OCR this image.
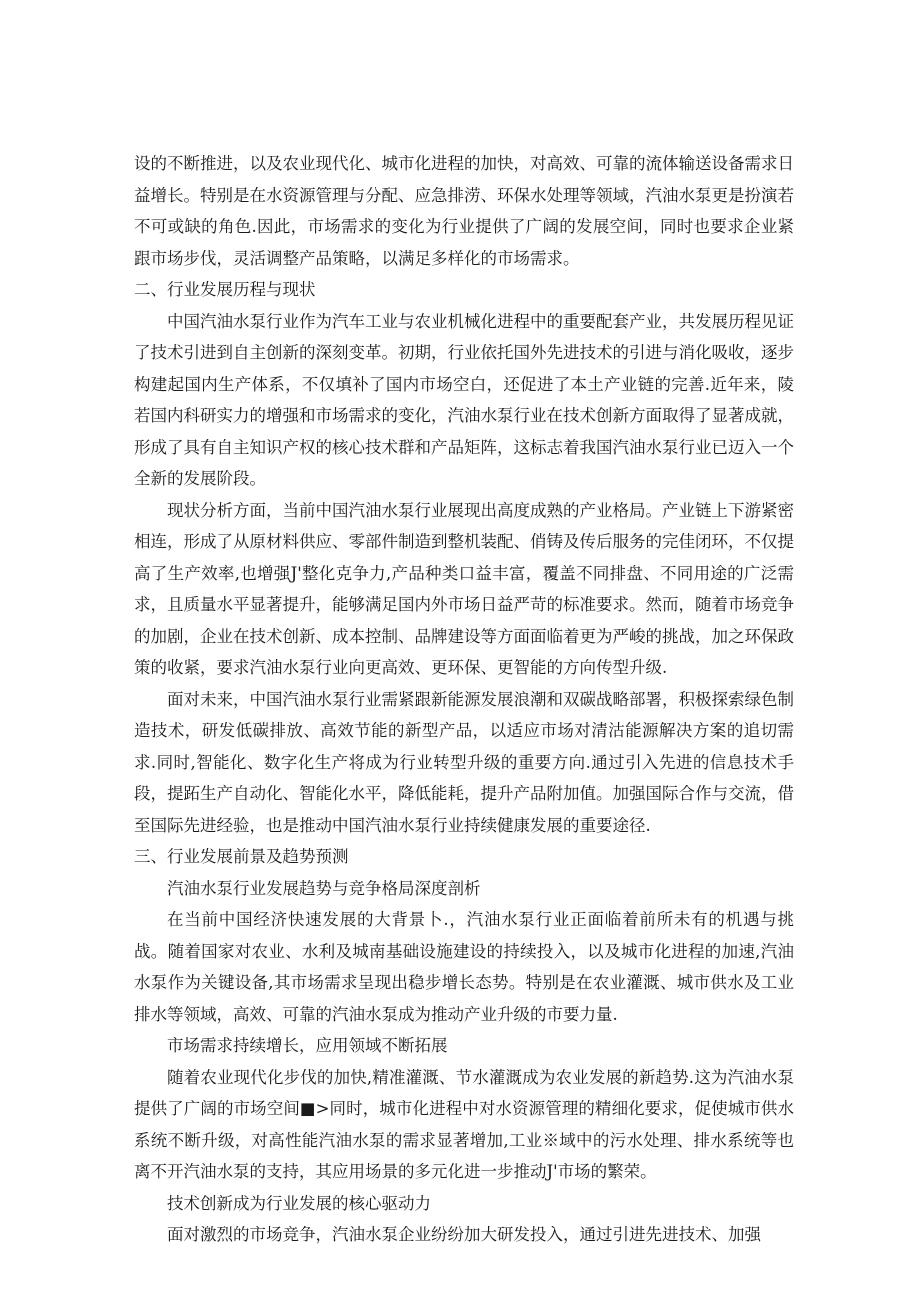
设的不断推进，以及农业现代化、城市化进程的加快，对高效、可靠的流体输送设备需求日益增长。特别是在水资源管理与分配、应急排涝、环保水处理等领域，汽油水泵更是扮演若不可或缺的角色.因此，市场需求的变化为行业提供了广阔的发展空间，同时也要求企业紧跟市场步伐，灵活调整产品策略，以满足多样化的市场需求。

二、行业发展历程与现状

中国汽油水泵行业作为汽车工业与农业机械化进程中的重要配套产业，共发展历程见证了技术引进到自主创新的深刻变革。初期，行业依托国外先进技术的引进与消化吸收，逐步构建起国内生产体系，不仅填补了国内市场空白，还促进了本土产业链的完善.近年来，陵若国内科研实力的增强和市场需求的变化，汽油水泵行业在技术创新方面取得了显著成就，形成了具有自主知识产权的核心技术群和产品矩阵，这标志着我国汽油水泵行业已迈入一个全新的发展阶段。

现状分析方面，当前中国汽油水泵行业展现出高度成熟的产业格局。产业链上下游紧密相连，形成了从原材料供应、零部件制造到整机装配、俏铸及传后服务的完佳闭环，不仅提高了生产效率,也增强J'整化克争力,产品种类口益丰富，覆盖不同排盘、不同用途的广泛需求，且质量水平显著提升，能够满足国内外市场日益严苛的标准要求。然而，随着市场竞争的加剧，企业在技术创新、成本控制、品牌建设等方面面临着更为严峻的挑战，加之环保政策的收紧，要求汽油水泵行业向更高效、更环保、更智能的方向传型升级.

面对未来，中国汽油水泵行业需紧跟新能源发展浪潮和双碳战略部署，积极探索绿色制造技术，研发低碳排放、高效节能的新型产品，以适应市场对清沽能源解决方案的追切需求.同时,智能化、数字化生产将成为行业转型升级的重要方向.通过引入先进的信息技术手段，提跖生产自动化、智能化水平，降低能耗，提升产品附加值。加强国际合作与交流，借至国际先进经验，也是推动中国汽油水泵行业持续健康发展的重要途径.

三、行业发展前景及趋势预测

汽油水泵行业发展趋势与竞争格局深度剖析

在当前中国经济快速发展的大背景卜.，汽油水泵行业正面临着前所未有的机遇与挑战。随着国家对农业、水利及城南基础设施建设的持续投入，以及城市化进程的加速,汽油水泵作为关键设备,其市场需求呈现出稳步增长态势。特别是在农业灌溉、城市供水及工业排水等领域，高效、可靠的汽油水泵成为推动产业升级的市要力量.

市场需求持续增长，应用领域不断拓展

随着农业现代化步伐的加快,精准灌溉、节水灌溉成为农业发展的新趋势.这为汽油水泵提供了广阔的市场空间■>同时，城市化进程中对水资源管理的精细化要求，促使城市供水系统不断升级，对高性能汽油水泵的需求显著增加,工业※域中的污水处理、排水系统等也离不开汽油水泵的支持，其应用场景的多元化进一步推动J'市场的繁荣。

技术创新成为行业发展的核心驱动力

面对激烈的市场竞争，汽油水泵企业纷纷加大研发投入，通过引进先进技术、加强
